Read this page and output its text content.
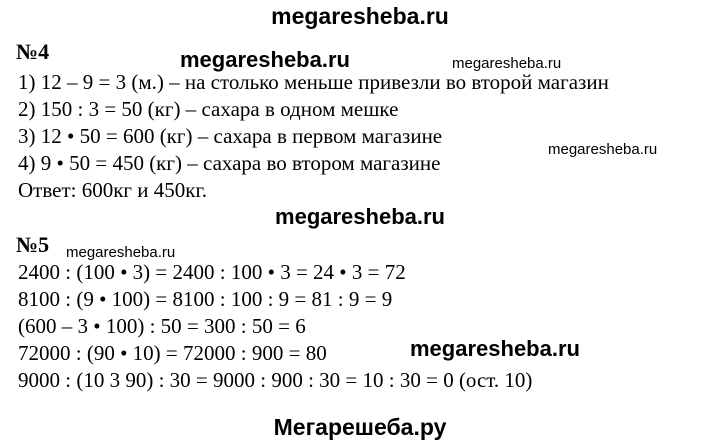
megaresheba.ru
№4	megaresheba.ru	megaresheba.ru
1) 12 – 9 = 3 (м.) – на столько меньше привезли во второй магазин
2) 150 : 3 = 50 (кг) – сахара в одном мешке
3) 12 • 50 = 600 (кг) – сахара в первом магазине
megaresheba.ru
4) 9 • 50 = 450 (кг) – сахара во втором магазине
Ответ: 600кг и 450кг.
megaresheba.ru
№5 megaresheba.ru
2400 : (100 • 3) = 2400 : 100 • 3 = 24 • 3 = 72
8100 : (9 • 100) = 8100 : 100 : 9 = 81 : 9 = 9
(600 – 3 • 100) : 50 = 300 : 50 = 6
megaresheba.ru
72000 : (90 • 10) = 72000 : 900 = 80
9000 : (10 3 90) : 30 = 9000 : 900 : 30 = 10 : 30 = 0 (ост. 10)
Мегарешеба.ру
